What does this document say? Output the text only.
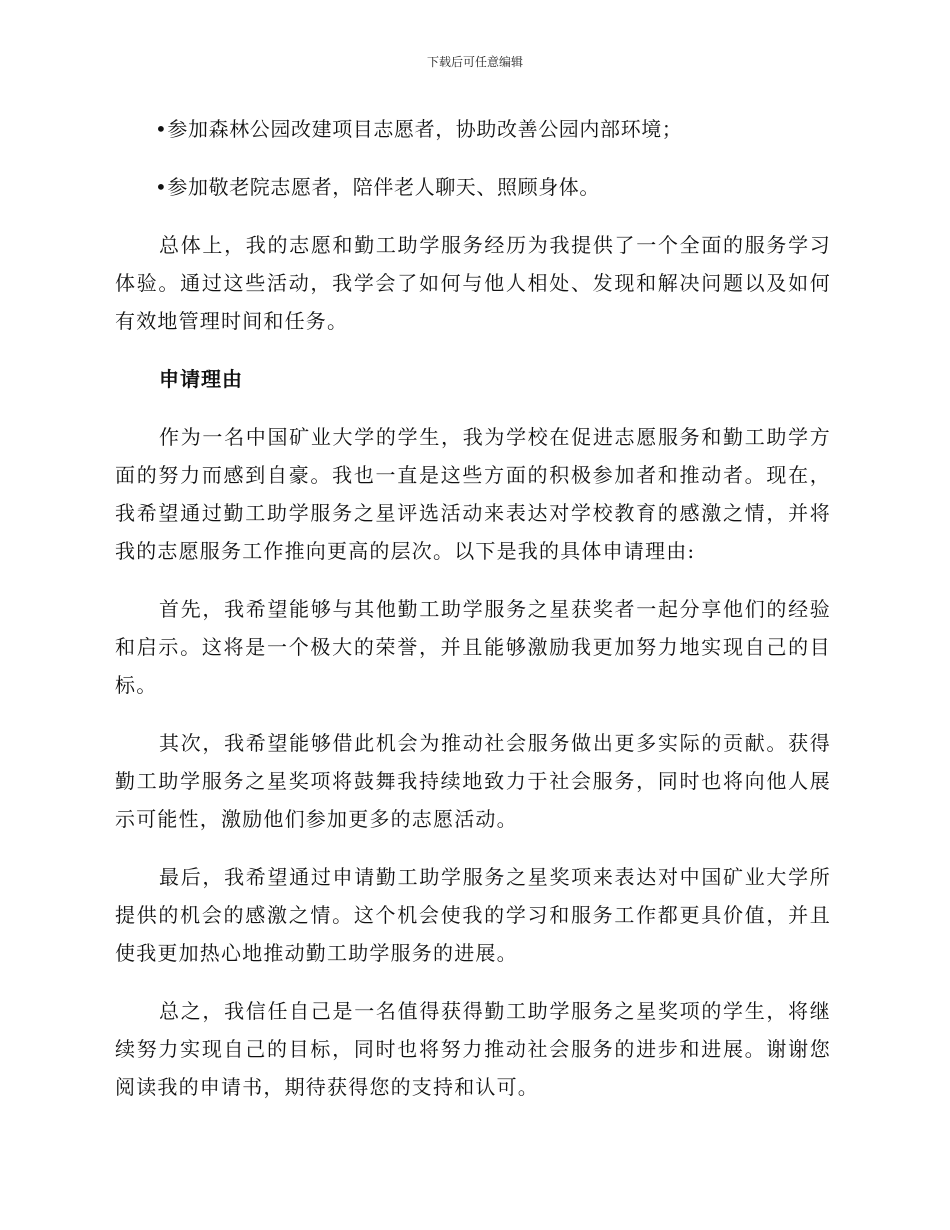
下载后可任意编辑
•参加森林公园改建项目志愿者，协助改善公园内部环境；
•参加敬老院志愿者，陪伴老人聊天、照顾身体。

总体上，我的志愿和勤工助学服务经历为我提供了一个全面的服务学习体验。通过这些活动，我学会了如何与他人相处、发现和解决问题以及如何有效地管理时间和任务。

申请理由

作为一名中国矿业大学的学生，我为学校在促进志愿服务和勤工助学方面的努力而感到自豪。我也一直是这些方面的积极参加者和推动者。现在，我希望通过勤工助学服务之星评选活动来表达对学校教育的感激之情，并将我的志愿服务工作推向更高的层次。以下是我的具体申请理由:

首先，我希望能够与其他勤工助学服务之星获奖者一起分享他们的经验和启示。这将是一个极大的荣誉，并且能够激励我更加努力地实现自己的目标。

其次，我希望能够借此机会为推动社会服务做出更多实际的贡献。获得勤工助学服务之星奖项将鼓舞我持续地致力于社会服务，同时也将向他人展示可能性，激励他们参加更多的志愿活动。

最后，我希望通过申请勤工助学服务之星奖项来表达对中国矿业大学所提供的机会的感激之情。这个机会使我的学习和服务工作都更具价值，并且使我更加热心地推动勤工助学服务的进展。

总之，我信任自己是一名值得获得勤工助学服务之星奖项的学生，将继续努力实现自己的目标，同时也将努力推动社会服务的进步和进展。谢谢您阅读我的申请书，期待获得您的支持和认可。
